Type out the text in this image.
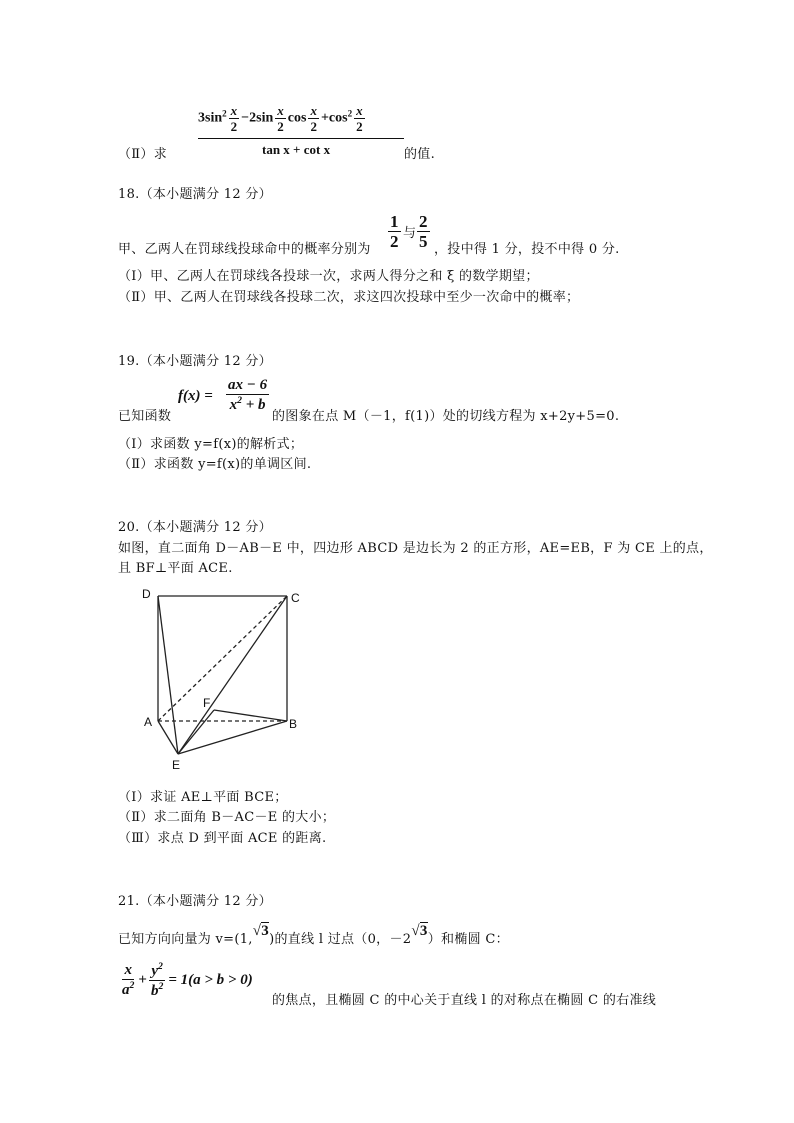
$3\sin^2 \frac{x}{2} -2\sin \frac{x}{2}$ $\cos \frac{x}{2} +\cos^2 \frac{x}{2}$
tan x + cot x
（Ⅱ）求	的值.
18.（本小题满分 12 分）
甲、乙两人在罚球线投球命中的概率分别为 $\frac{1}{2}$ 与 $\frac{2}{5}$ ，投中得 1 分，投不中得 0 分.
（Ⅰ）甲、乙两人在罚球线各投球一次，求两人得分之和 ξ 的数学期望；
（Ⅱ）甲、乙两人在罚球线各投球二次，求这四次投球中至少一次命中的概率；
19.（本小题满分 12 分）
已知函数
$f(x) = \frac{ax - 6}{x^2 + b}$
的图象在点 M（－1，f(1)）处的切线方程为 x+2y+5=0.
（Ⅰ）求函数 y=f(x)的解析式；
（Ⅱ）求函数 y=f(x)的单调区间.
20.（本小题满分 12 分）
如图，直二面角 D－AB－E 中，四边形 ABCD 是边长为 2 的正方形，AE=EB，F 为 CE 上的点，
且 BF⊥平面 ACE.
D	C
A	B
F
E
（Ⅰ）求证 AE⊥平面 BCE；
（Ⅱ）求二面角 B－AC－E 的大小；
（Ⅲ）求点 D 到平面 ACE 的距离.
21.（本小题满分 12 分）
已知方向向量为 v=(1,√3)的直线 l 过点（0，－2√3）和椭圆 C：
$\frac{x}{a^2} + \frac{y^2}{b^2} = 1(a > b > 0)$
的焦点，且椭圆 C 的中心关于直线 l 的对称点在椭圆 C 的右准线
